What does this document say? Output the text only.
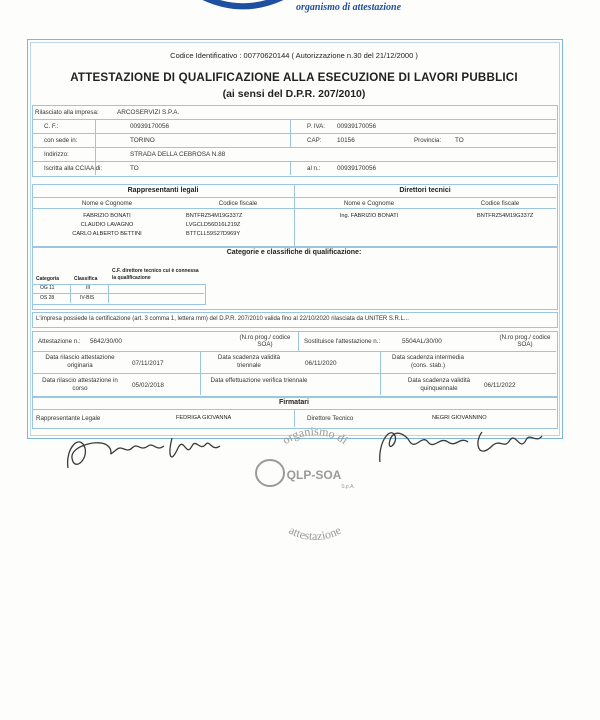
organismo di attestazione
Codice Identificativo : 00770620144 ( Autorizzazione n.30 del 21/12/2000 )
ATTESTAZIONE DI QUALIFICAZIONE ALLA ESECUZIONE DI LAVORI PUBBLICI
(ai sensi del D.P.R. 207/2010)
Rilasciato alla impresa:	ARCOSERVIZI S.P.A.
C. F.:	00939170056	P. IVA: 00939170056
con sede in:	TORINO	CAP: 10156	Provincia: TO
Indirizzo:	STRADA DELLA CEBROSA N.88
Iscritta alla CCIAA di:	TO	al n.:	00939170056
Rappresentanti legali	Direttori tecnici
Nome e Cognome	Codice fiscale	Nome e Cognome	Codice fiscale
FABRIZIO BONATI	BNTFRZ54M19G337Z
CLAUDIO LAVAGNO	LVGCLD56D16L219Z
CARLO ALBERTO BETTINI	BTTCLL59S27D969Y
Ing. FABRIZIO BONATI	BNTFRZ54M19G337Z
Categorie e classifiche di qualificazione:
Categoria	Classifica
C.F. direttore tecnico cui è connessa la qualificazione
OG 11	III
OS 28	IV-BIS
L'impresa possiede la certificazione (art. 3 comma 1, lettera mm) del D.P.R. 207/2010 valida fino al 22/10/2020 rilasciata da UNITER S.R.L...
Attestazione n.: 5642/30/00
(N.ro prog./ codice SOA)	Sostituisce l'attestazione n.:	5504AL/30/00
(N.ro prog./ codice SOA)
Data rilascio attestazione originaria	07/11/2017
Data scadenza validità triennale	06/11/2020
Data scadenza intermedia (cons. stab.)
Data rilascio attestazione in corso	05/02/2018
Data effettuazione verifica triennale	Data scadenza validità quinquennale	06/11/2022
Firmatari
Rappresentante Legale	FEDRIGA GIOVANNA	Direttore Tecnico	NEGRI GIOVANNINO
organismo di
attestazione
QLP-SOA
S.p.A.
